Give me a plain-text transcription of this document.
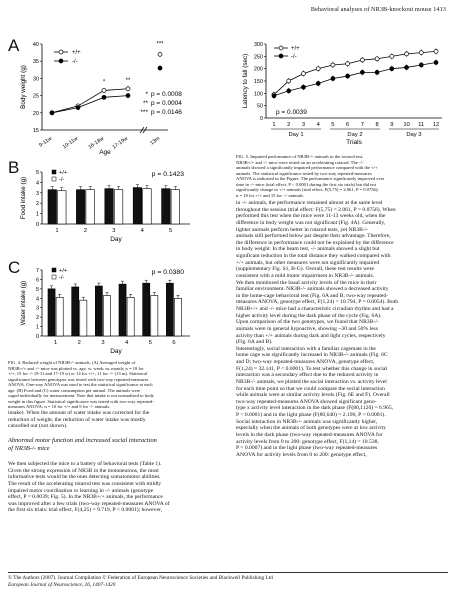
Behavioral analyses of NR3B-knockout mouse 1413
A
15
20
25
30
35
40
9-11w 10-11w 16-18w 17-19w	13m
Age
Body weight (g)	*	**
***
+/+
-/-
* p = 0.0008
** p = 0.0004
*** p = 0.0146
B
0
1
2
3
4
5
1	2	3	4	5
Day
Food intake (g)
+/+
-/-
p = 0.1423
C
0
1
2
3
4
5
6
7
1	2	3	4	5	6
Day
Water intake (g)
+/+
-/-
p = 0.0380
FIG. 4. Reduced weight of NR3B-/- animals. (A) Averaged weight of
NR3B+/+ and -/- mice was plotted vs. age. w, week; m, month; n = 18 for
+/+, 15 for -/- (9-11 and 17-19 w) or 14 for +/+, 11 for -/- (13 m). Statistical
significance between genotypes was tested with two-way repeated-measures
ANOVA. One-way ANOVA was used to test the statistical significance at each
age. (B) Food and (C) water consumption per animal. The animals were
caged individually for measurement. Note that intake is not normalized to body
weight in this figure. Statistical significance was tested with two-way repeated-
measures ANOVA; n = 10 for +/+ and 9 for -/- animals.
intake). When the amount of water intake was corrected for the
reduction of weight, the reduction of water intake was mostly
cancelled out (not shown).
Abnormal motor function and increased social interaction
of NR3B-/- mice
We then subjected the mice to a battery of behavioral tests (Table 1).
Given the strong expression of NR3B in the motoneurons, the most
informative tests would be the ones detecting somatomotor abilities.
The result of the accelerating rotarod test was consistent with mildly
impaired motor coordination or learning in -/- animals (genotype
effect, P = 0.0039; Fig. 5). In the NR3B+/+ animals, the performance
was improved after a few trials (two-way repeated-measures ANOVA of
the first six trials: trial effect, F(4,25) = 9.719, P < 0.0001); however,
0
50
100
150
200
250
300
1 2 3 4 5 6 7 8 9 10 11 12
Day 1	Day 2	Day 3
Trials
Latency to fall (sec)
+/+
-/-
p = 0.0039
FIG. 5. Impaired performance of NR3B-/- animals in the rotarod test.
NR3B+/+ and -/- mice were tested on an accelerating rotarod. The -/-
animals showed a significantly impaired performance compared with the +/+
animals. The statistical significance tested by two-way repeated-measures
ANOVA is indicated in the Figure. The performance significantly improved over
time in -/- mice (trial effect, P < 0.0001 during the first six trials) but did not
significantly change in +/+ animals (trial effect, F(5,75) = 2.061, P = 0.0756);
n = 18 for +/+ and 15 for -/- animals.
in -/- animals, the performance remained almost at the same level
throughout the session (trial effect: F(5,75) = 2.061, P = 0.0756). When
performed this test when the mice were 11-13 weeks old, when the
difference in body weight was not significant (Fig. 4A). Generally,
lighter animals perform better in rotarod tests, yet NR3B-/-
animals still performed below par despite their advantage. Therefore,
the difference in performance could not be explained by the difference
in body weight. In the beam test, -/- animals showed a slight but
significant reduction in the total distance they walked compared with
+/+ animals, but other measures were not significantly impaired
(supplementary Fig. S1, B-G). Overall, these test results were
consistent with a mild motor impairment in NR3B-/- animals.
We then monitored the basal activity levels of the mice in their
familiar environment. NR3B-/- animals showed a decreased activity
in the home-cage behavioral test (Fig. 6A and B; two-way repeated-
measures ANOVA, genotype effect, F(1,24) = 10.794, P = 0.0054). Both
NR3B+/+ and -/- mice had a characteristic circadian rhythm and had a
higher activity level during the dark phase of the cycle (Fig. 6A).
Upon comparison of the two genotypes, we found that NR3B-/-
animals were in general hypoactive, showing ~30 and 50% less
activity than +/+ animals during dark and light cycles, respectively
(Fig. 6A and B).
Interestingly, social interaction with a familiar cagemate in the
home cage was significantly increased in NR3B-/- animals (Fig. 6C
and D; two-way repeated-measures ANOVA, genotype effect,
F(1,24) = 32.141, P < 0.0001). To test whether this change in social
interaction was a secondary effect due to the reduced activity in
NR3B-/- animals, we plotted the social interaction vs. activity level
for each time point so that we could compare the social interaction
while animals were at similar activity levels (Fig. 6E and F). Overall
two-way repeated-measures ANOVA showed significant geno-
type x activity level interaction in the dark phase (F(80,1120) = 6.965,
P < 0.0001) and in the light phase (F(80,640) = 2.196, P < 0.0001).
Social interaction in NR3B-/- animals was significantly higher,
especially when the animals of both genotypes were at low activity
levels in the dark phase (two-way repeated-measures ANOVA for
activity levels from 0 to 200: genotype effect, F(1,14) = 18.538,
P = 0.0007) and in the light phase (two-way repeated-measures
ANOVA for activity levels from 0 to 200: genotype effect,
© The Authors (2007). Journal Compilation © Federation of European Neuroscience Societies and Blackwell Publishing Ltd
European Journal of Neuroscience, 26, 1407-1420
